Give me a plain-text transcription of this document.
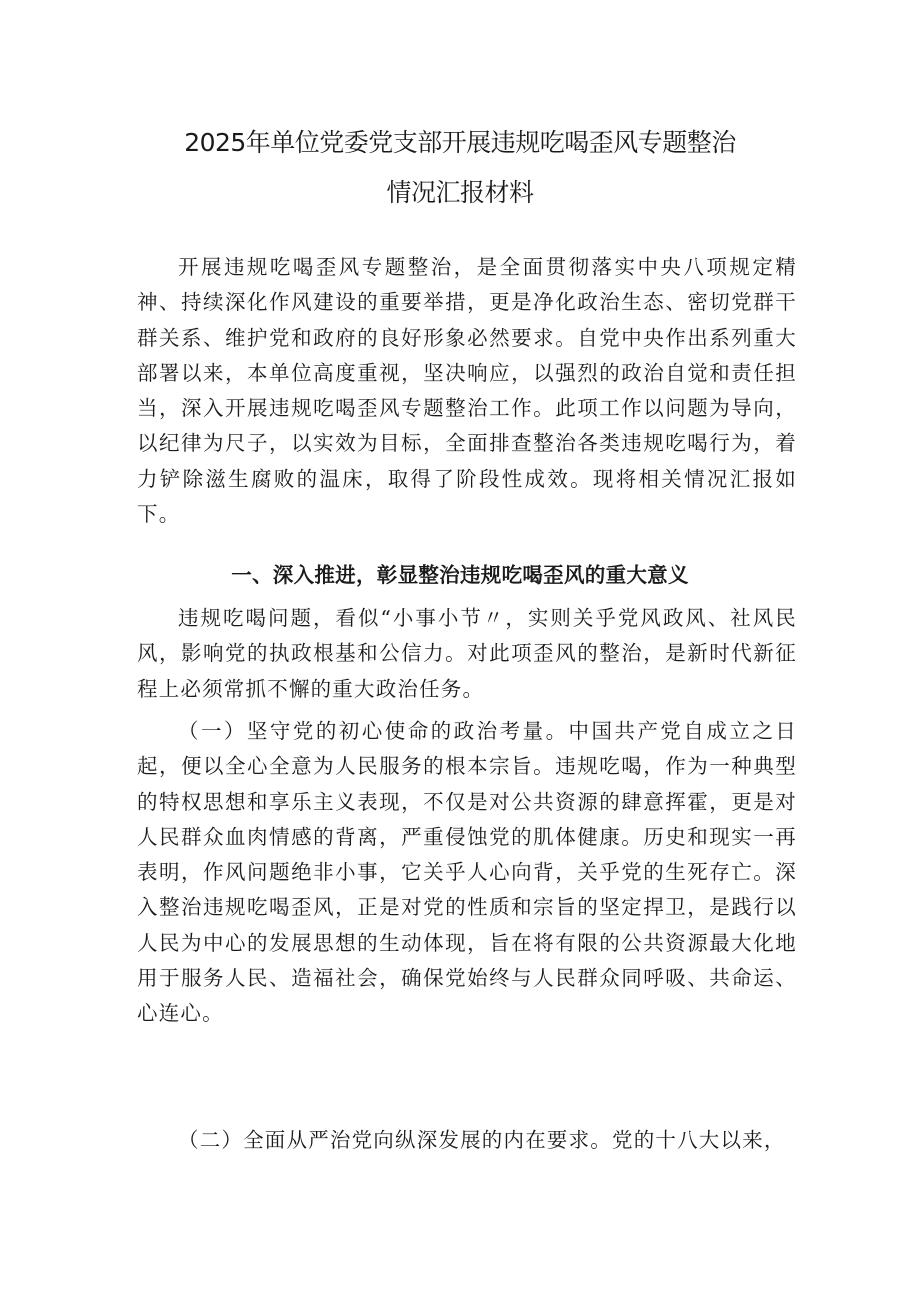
2025年单位党委党支部开展违规吃喝歪风专题整治
情况汇报材料

开展违规吃喝歪风专题整治，是全面贯彻落实中央八项规定精神、持续深化作风建设的重要举措，更是净化政治生态、密切党群干群关系、维护党和政府的良好形象必然要求。自党中央作出系列重大部署以来，本单位高度重视，坚决响应，以强烈的政治自觉和责任担当，深入开展违规吃喝歪风专题整治工作。此项工作以问题为导向，以纪律为尺子，以实效为目标，全面排查整治各类违规吃喝行为，着力铲除滋生腐败的温床，取得了阶段性成效。现将相关情况汇报如下。

一、深入推进，彰显整治违规吃喝歪风的重大意义

违规吃喝问题，看似“小事小节〃，实则关乎党风政风、社风民风，影响党的执政根基和公信力。对此项歪风的整治，是新时代新征程上必须常抓不懈的重大政治任务。

（一）坚守党的初心使命的政治考量。中国共产党自成立之日起，便以全心全意为人民服务的根本宗旨。违规吃喝，作为一种典型的特权思想和享乐主义表现，不仅是对公共资源的肆意挥霍，更是对人民群众血肉情感的背离，严重侵蚀党的肌体健康。历史和现实一再表明，作风问题绝非小事，它关乎人心向背，关乎党的生死存亡。深入整治违规吃喝歪风，正是对党的性质和宗旨的坚定捍卫，是践行以人民为中心的发展思想的生动体现，旨在将有限的公共资源最大化地用于服务人民、造福社会，确保党始终与人民群众同呼吸、共命运、心连心。

（二）全面从严治党向纵深发展的内在要求。党的十八大以来，
